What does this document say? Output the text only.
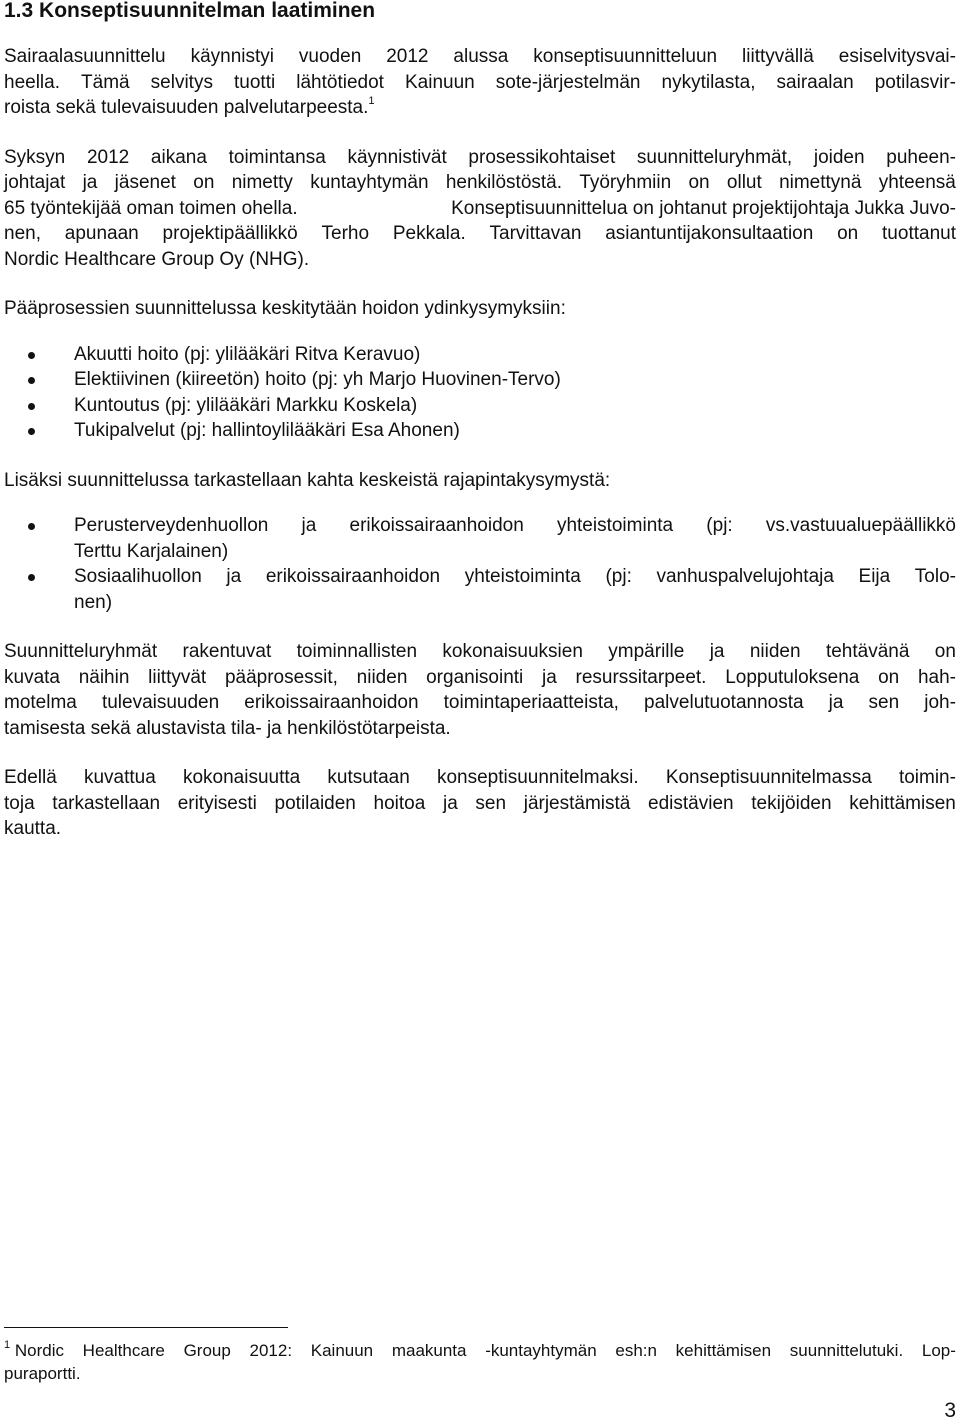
1.3 Konseptisuunnitelman laatiminen

Sairaalasuunnittelu käynnistyi vuoden 2012 alussa konseptisuunnitteluun liittyvällä esiselvitysvai-
heella. Tämä selvitys tuotti lähtötiedot Kainuun sote-järjestelmän nykytilasta, sairaalan potilasvir-
roista sekä tulevaisuuden palvelutarpeesta.$^1$

Syksyn 2012 aikana toimintansa käynnistivät prosessikohtaiset suunnitteluryhmät, joiden puheen-
johtajat ja jäsenet on nimetty kuntayhtymän henkilöstöstä. Työryhmiin on ollut nimettynä yhteensä
65 työntekijää oman toimen ohella.	Konseptisuunnittelua on johtanut projektijohtaja Jukka Juvo-
nen, apunaan projektipäällikkö Terho Pekkala. Tarvittavan asiantuntijakonsultaation on tuottanut
Nordic Healthcare Group Oy (NHG).

Pääprosessien suunnittelussa keskitytään hoidon ydinkysymyksiin:

Akuutti hoito (pj: ylilääkäri Ritva Keravuo)
Elektiivinen (kiireetön) hoito (pj: yh Marjo Huovinen-Tervo)
Kuntoutus (pj: ylilääkäri Markku Koskela)
Tukipalvelut (pj: hallintoylilääkäri Esa Ahonen)

Lisäksi suunnittelussa tarkastellaan kahta keskeistä rajapintakysymystä:

Perusterveydenhuollon ja erikoissairaanhoidon yhteistoiminta (pj: vs.vastuualuepäällikkö
Terttu Karjalainen)
Sosiaalihuollon ja erikoissairaanhoidon yhteistoiminta (pj: vanhuspalvelujohtaja Eija Tolo-
nen)

Suunnitteluryhmät rakentuvat toiminnallisten kokonaisuuksien ympärille ja niiden tehtävänä on
kuvata näihin liittyvät pääprosessit, niiden organisointi ja resurssitarpeet. Lopputuloksena on hah-
motelma tulevaisuuden erikoissairaanhoidon toimintaperiaatteista, palvelutuotannosta ja sen joh-
tamisesta sekä alustavista tila- ja henkilöstötarpeista.

Edellä kuvattua kokonaisuutta kutsutaan konseptisuunnitelmaksi. Konseptisuunnitelmassa toimin-
toja tarkastellaan erityisesti potilaiden hoitoa ja sen järjestämistä edistävien tekijöiden kehittämisen
kautta.

$^1$ Nordic Healthcare Group 2012: Kainuun maakunta -kuntayhtymän esh:n kehittämisen suunnittelutuki. Lop-
puraportti.
3
